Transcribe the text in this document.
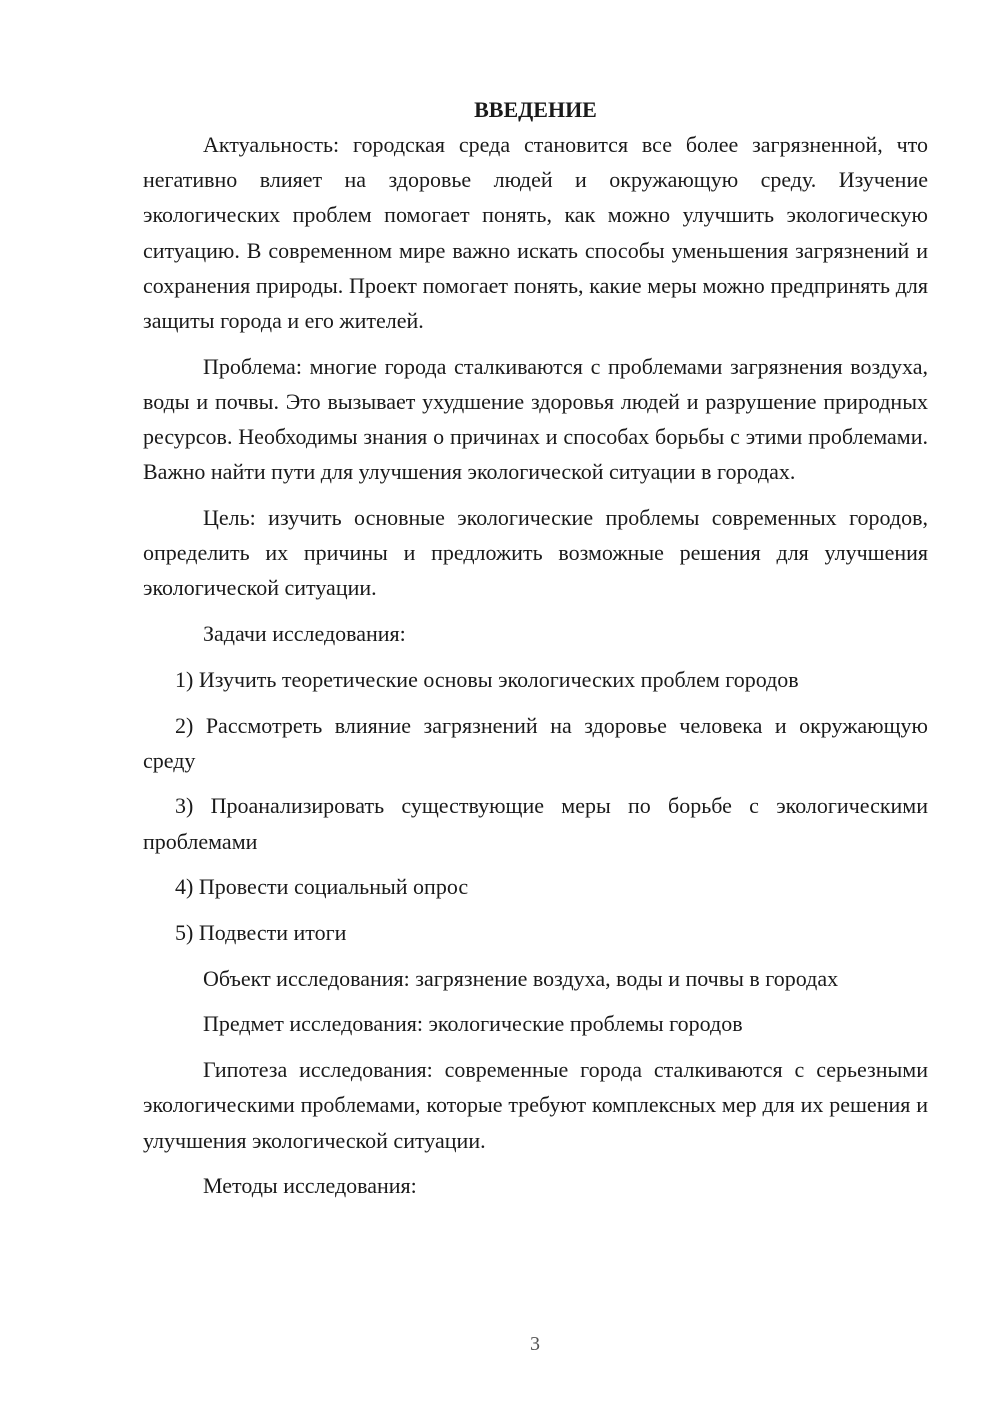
ВВЕДЕНИЕ

Актуальность: городская среда становится все более загрязненной, что негативно влияет на здоровье людей и окружающую среду. Изучение экологических проблем помогает понять, как можно улучшить экологическую ситуацию. В современном мире важно искать способы уменьшения загрязнений и сохранения природы. Проект помогает понять, какие меры можно предпринять для защиты города и его жителей.

Проблема: многие города сталкиваются с проблемами загрязнения воздуха, воды и почвы. Это вызывает ухудшение здоровья людей и разрушение природных ресурсов. Необходимы знания о причинах и способах борьбы с этими проблемами. Важно найти пути для улучшения экологической ситуации в городах.

Цель: изучить основные экологические проблемы современных городов, определить их причины и предложить возможные решения для улучшения экологической ситуации.

Задачи исследования:

1) Изучить теоретические основы экологических проблем городов

2) Рассмотреть влияние загрязнений на здоровье человека и окружающую среду

3) Проанализировать существующие меры по борьбе с экологическими проблемами

4) Провести социальный опрос

5) Подвести итоги

Объект исследования: загрязнение воздуха, воды и почвы в городах

Предмет исследования: экологические проблемы городов

Гипотеза исследования: современные города сталкиваются с серьезными экологическими проблемами, которые требуют комплексных мер для их решения и улучшения экологической ситуации.

Методы исследования:

3
